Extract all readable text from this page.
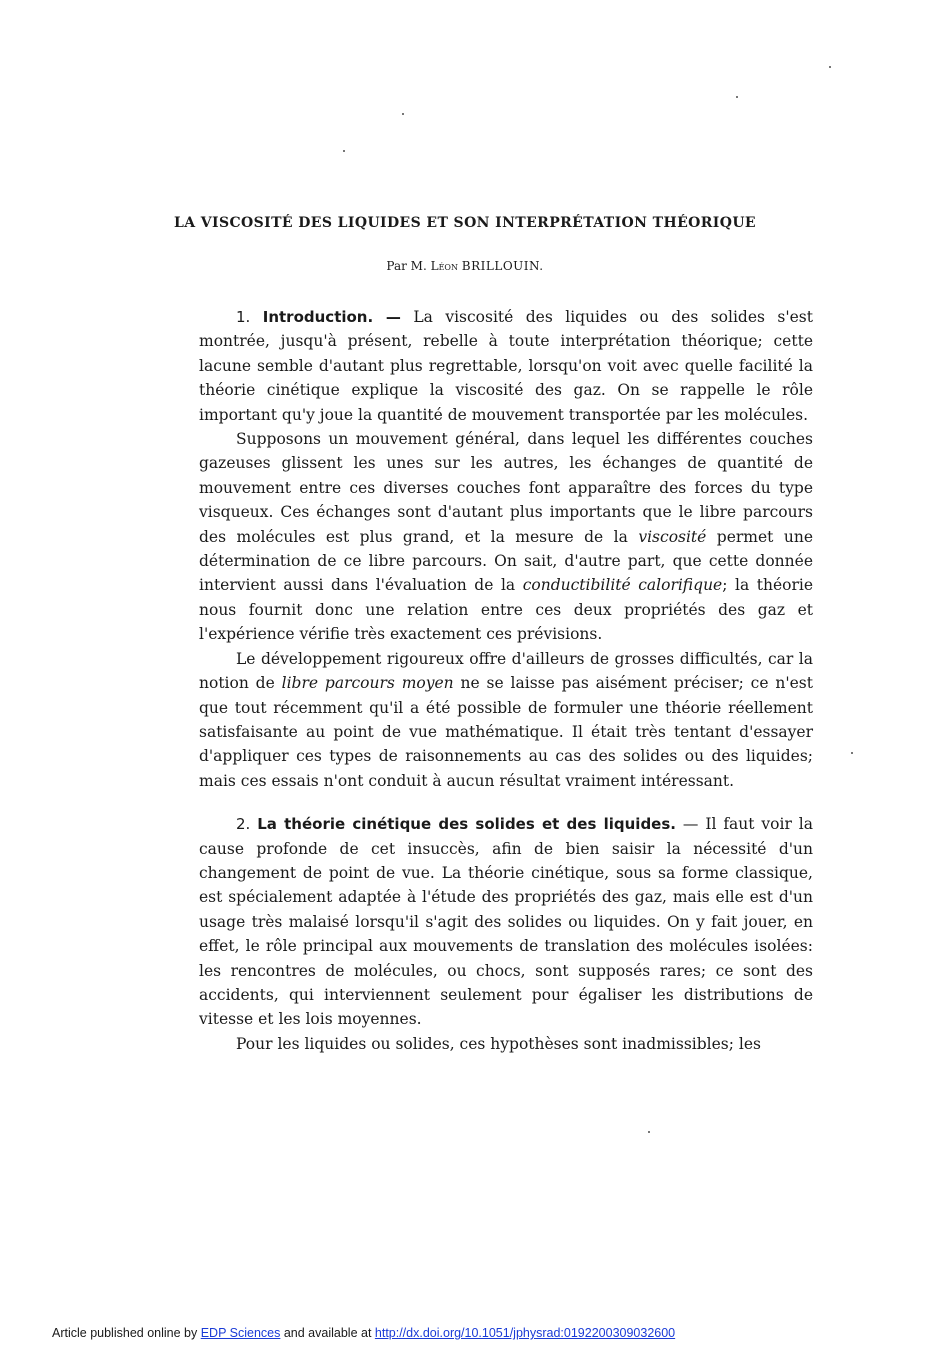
LA VISCOSITÉ DES LIQUIDES ET SON INTERPRÉTATION THÉORIQUE
Par M. Léon BRILLOUIN.

1. Introduction. — La viscosité des liquides ou des solides s'est montrée, jusqu'à présent, rebelle à toute interprétation théorique; cette lacune semble d'autant plus regrettable, lorsqu'on voit avec quelle facilité la théorie cinétique explique la viscosité des gaz. On se rappelle le rôle important qu'y joue la quantité de mouvement transportée par les molécules.

Supposons un mouvement général, dans lequel les différentes couches gazeuses glissent les unes sur les autres, les échanges de quantité de mouvement entre ces diverses couches font apparaître des forces du type visqueux. Ces échanges sont d'autant plus importants que le libre parcours des molécules est plus grand, et la mesure de la viscosité permet une détermination de ce libre parcours. On sait, d'autre part, que cette donnée intervient aussi dans l'évaluation de la conductibilité calorifique; la théorie nous fournit donc une relation entre ces deux propriétés des gaz et l'expérience vérifie très exactement ces prévisions.

Le développement rigoureux offre d'ailleurs de grosses difficultés, car la notion de libre parcours moyen ne se laisse pas aisément préciser; ce n'est que tout récemment qu'il a été possible de formuler une théorie réellement satisfaisante au point de vue mathématique. Il était très tentant d'essayer d'appliquer ces types de raisonnements au cas des solides ou des liquides; mais ces essais n'ont conduit à aucun résultat vraiment intéressant.

2. La théorie cinétique des solides et des liquides. — Il faut voir la cause profonde de cet insuccès, afin de bien saisir la nécessité d'un changement de point de vue. La théorie cinétique, sous sa forme classique, est spécialement adaptée à l'étude des propriétés des gaz, mais elle est d'un usage très malaisé lorsqu'il s'agit des solides ou liquides. On y fait jouer, en effet, le rôle principal aux mouvements de translation des molécules isolées: les rencontres de molécules, ou chocs, sont supposés rares; ce sont des accidents, qui interviennent seulement pour égaliser les distributions de vitesse et les lois moyennes.

Pour les liquides ou solides, ces hypothèses sont inadmissibles; les

Article published online by EDP Sciences and available at http://dx.doi.org/10.1051/jphysrad:0192200309032600
